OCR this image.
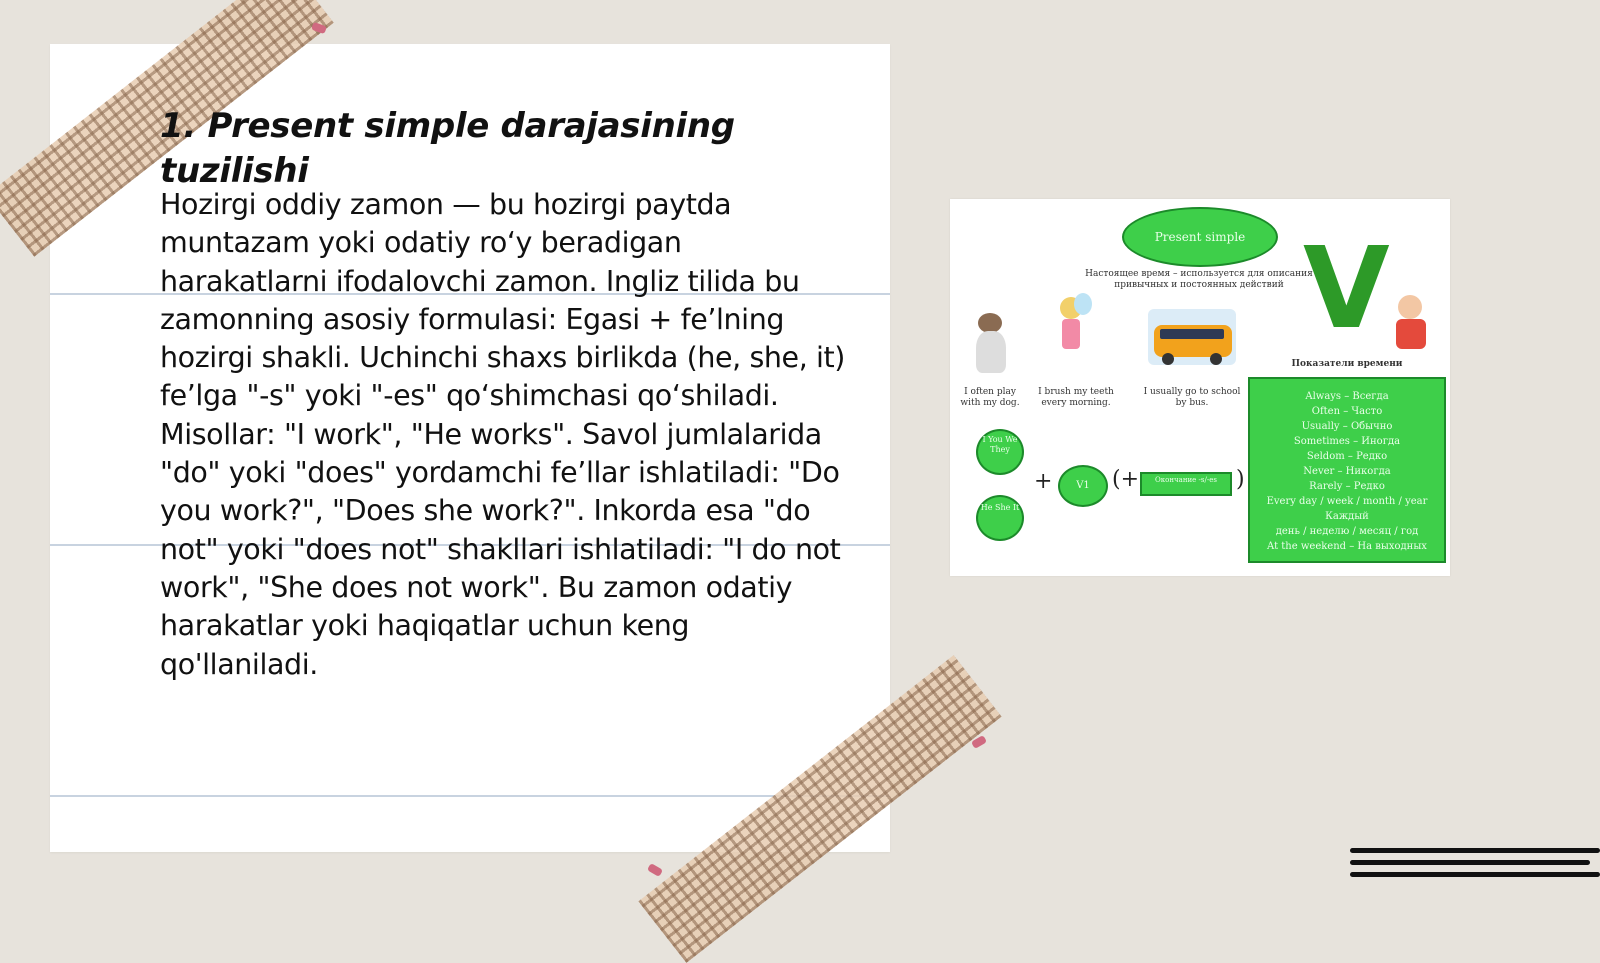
1. Present simple darajasining tuzilishi

Hozirgi oddiy zamon — bu hozirgi paytda muntazam yoki odatiy ro‘y beradigan harakatlarni ifodalovchi zamon. Ingliz tilida bu zamonning asosiy formulasi: Egasi + fe’lning hozirgi shakli. Uchinchi shaxs birlikda (he, she, it) fe’lga "-s" yoki "-es" qo‘shimchasi qo‘shiladi. Misollar: "I work", "He works". Savol jumlalarida "do" yoki "does" yordamchi fe’llar ishlatiladi: "Do you work?", "Does she work?". Inkorda esa "do not" yoki "does not" shakllari ishlatiladi: "I do not work", "She does not work". Bu zamon odatiy harakatlar yoki haqiqatlar uchun keng qo'llaniladi.

Present simple
Настоящее время – используется для описания привычных и постоянных действий
I often play with my dog.
I brush my teeth every morning.
I usually go to school by bus.
V
Показатели времени
Always – Всегда
Often – Часто
Usually – Обычно
Sometimes – Иногда
Seldom – Редко
Never – Никогда
Rarely – Редко
Every day / week / month / year
Каждый
день / неделю / месяц / год
At the weekend – На выходных
I You We They
He She It
+	V1	(+	Окончание -s/-es )
